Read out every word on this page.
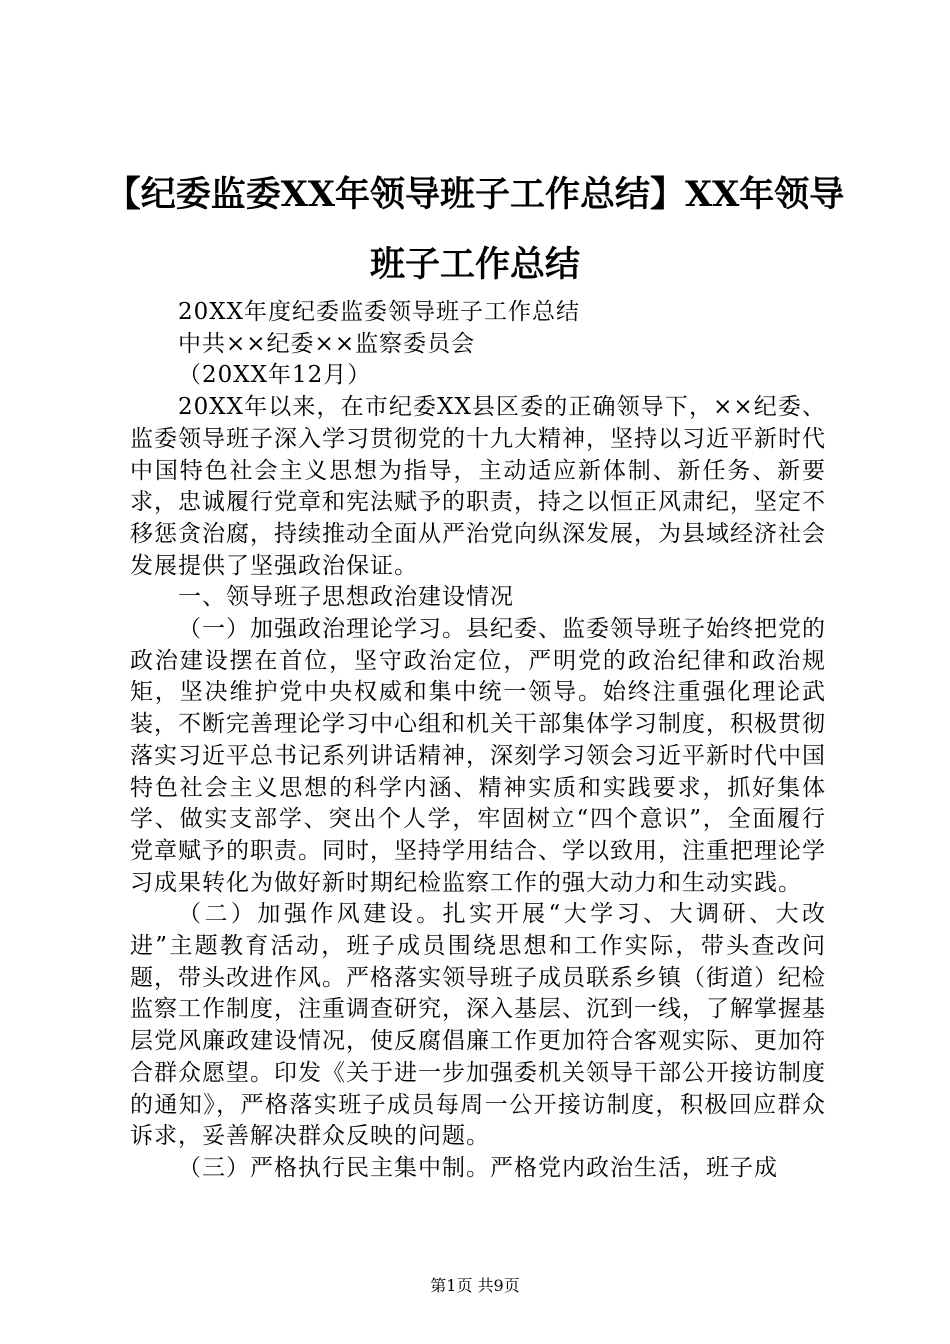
【纪委监委XX年领导班子工作总结】XX年领导班子工作总结

20XX年度纪委监委领导班子工作总结

中共××纪委××监察委员会

（20XX年12月）

20XX年以来，在市纪委XX县区委的正确领导下，××纪委、监委领导班子深入学习贯彻党的十九大精神，坚持以习近平新时代中国特色社会主义思想为指导，主动适应新体制、新任务、新要求，忠诚履行党章和宪法赋予的职责，持之以恒正风肃纪，坚定不移惩贪治腐，持续推动全面从严治党向纵深发展，为县域经济社会发展提供了坚强政治保证。

一、领导班子思想政治建设情况

（一）加强政治理论学习。县纪委、监委领导班子始终把党的政治建设摆在首位，坚守政治定位，严明党的政治纪律和政治规矩，坚决维护党中央权威和集中统一领导。始终注重强化理论武装，不断完善理论学习中心组和机关干部集体学习制度，积极贯彻落实习近平总书记系列讲话精神，深刻学习领会习近平新时代中国特色社会主义思想的科学内涵、精神实质和实践要求，抓好集体学、做实支部学、突出个人学，牢固树立“四个意识”，全面履行党章赋予的职责。同时，坚持学用结合、学以致用，注重把理论学习成果转化为做好新时期纪检监察工作的强大动力和生动实践。

（二）加强作风建设。扎实开展“大学习、大调研、大改进”主题教育活动，班子成员围绕思想和工作实际，带头查改问题，带头改进作风。严格落实领导班子成员联系乡镇（街道）纪检监察工作制度，注重调查研究，深入基层、沉到一线，了解掌握基层党风廉政建设情况，使反腐倡廉工作更加符合客观实际、更加符合群众愿望。印发《关于进一步加强委机关领导干部公开接访制度的通知》，严格落实班子成员每周一公开接访制度，积极回应群众诉求，妥善解决群众反映的问题。

（三）严格执行民主集中制。严格党内政治生活，班子成

第1页 共9页
